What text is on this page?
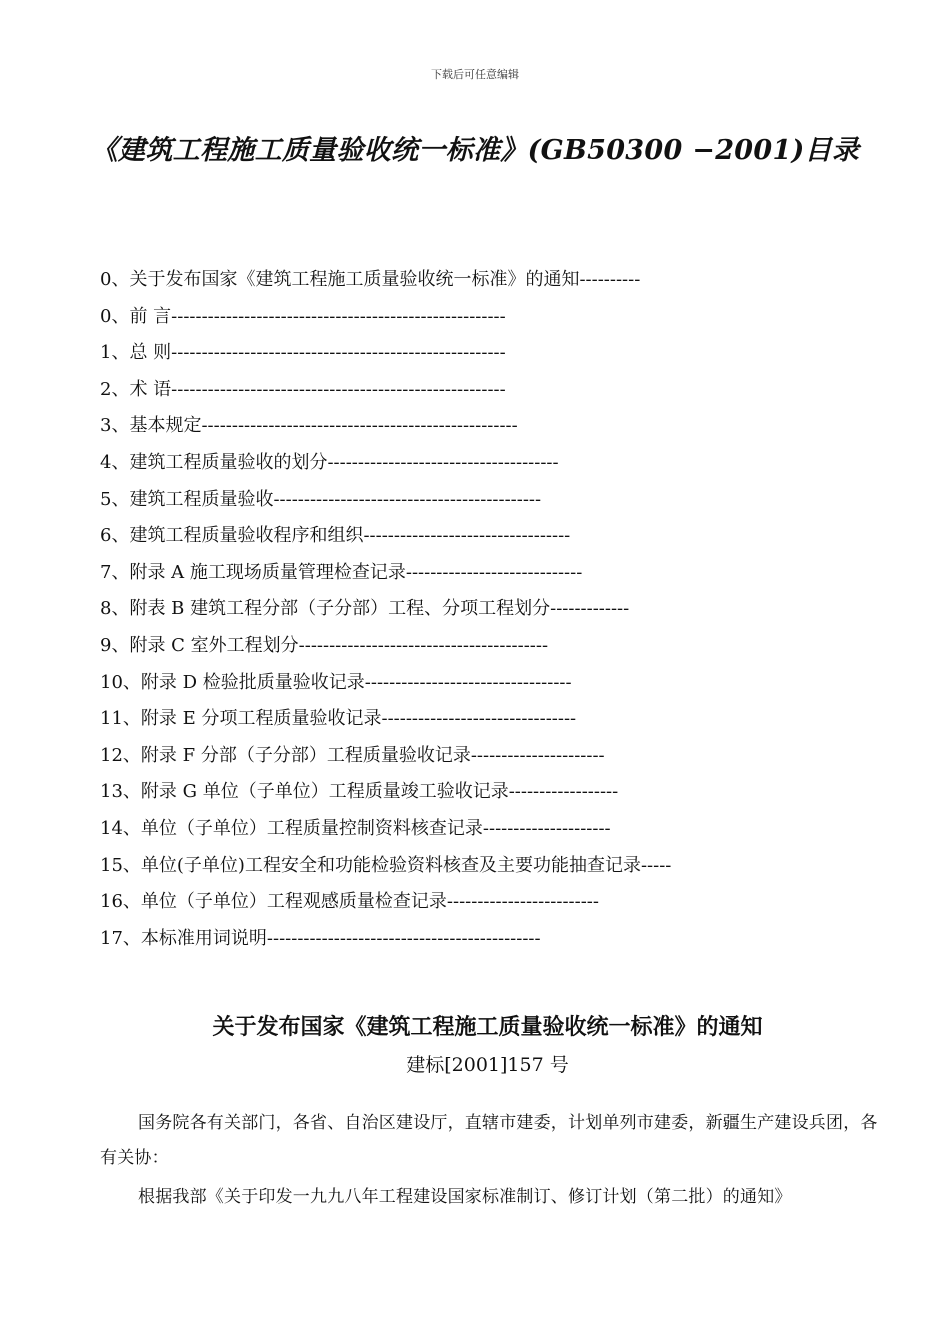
下载后可任意编辑
《建筑工程施工质量验收统一标准》(GB50300 −2001)目录
0、关于发布国家《建筑工程施工质量验收统一标准》的通知----------
0、前 言-------------------------------------------------------
1、总 则-------------------------------------------------------
2、术 语-------------------------------------------------------
3、基本规定----------------------------------------------------
4、建筑工程质量验收的划分--------------------------------------
5、建筑工程质量验收--------------------------------------------
6、建筑工程质量验收程序和组织----------------------------------
7、附录 A 施工现场质量管理检查记录-----------------------------
8、附表 B 建筑工程分部（子分部）工程、分项工程划分-------------
9、附录 C 室外工程划分-----------------------------------------
10、附录 D 检验批质量验收记录----------------------------------
11、附录 E 分项工程质量验收记录--------------------------------
12、附录 F 分部（子分部）工程质量验收记录----------------------
13、附录 G 单位（子单位）工程质量竣工验收记录------------------
14、单位（子单位）工程质量控制资料核查记录---------------------
15、单位(子单位)工程安全和功能检验资料核查及主要功能抽查记录-----
16、单位（子单位）工程观感质量检查记录-------------------------
17、本标准用词说明---------------------------------------------
关于发布国家《建筑工程施工质量验收统一标准》的通知
建标[2001]157 号
国务院各有关部门，各省、自治区建设厅，直辖市建委，计划单列市建委，新疆生产建设兵团，各有关协：
根据我部《关于印发一九九八年工程建设国家标准制订、修订计划（第二批）的通知》
